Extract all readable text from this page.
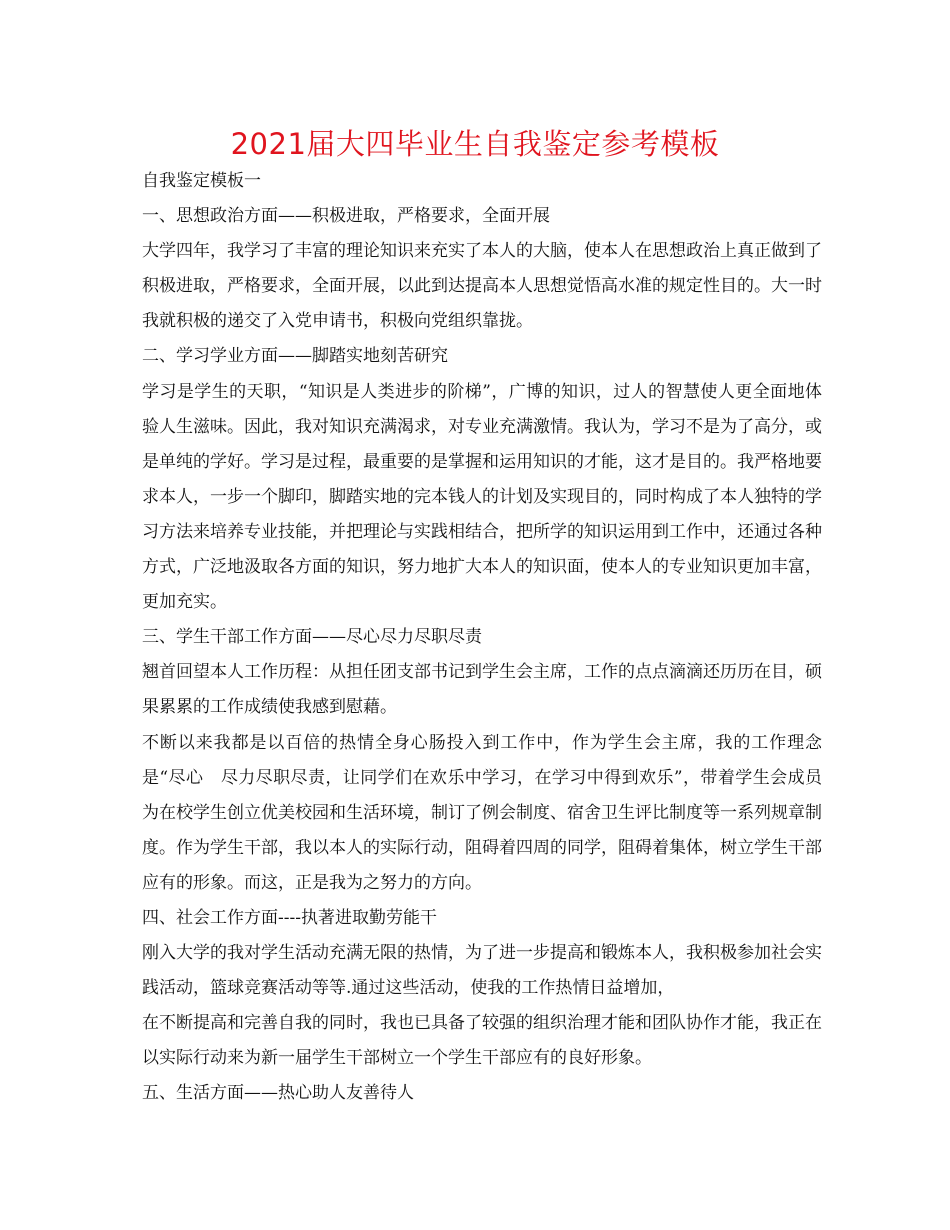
2021届大四毕业生自我鉴定参考模板

自我鉴定模板一

一、思想政治方面——积极进取，严格要求，全面开展

大学四年，我学习了丰富的理论知识来充实了本人的大脑，使本人在思想政治上真正做到了积极进取，严格要求，全面开展，以此到达提高本人思想觉悟高水准的规定性目的。大一时我就积极的递交了入党申请书，积极向党组织靠拢。

二、学习学业方面——脚踏实地刻苦研究

学习是学生的天职，“知识是人类进步的阶梯”，广博的知识，过人的智慧使人更全面地体验人生滋味。因此，我对知识充满渴求，对专业充满激情。我认为，学习不是为了高分，或是单纯的学好。学习是过程，最重要的是掌握和运用知识的才能，这才是目的。我严格地要求本人，一步一个脚印，脚踏实地的完本钱人的计划及实现目的，同时构成了本人独特的学习方法来培养专业技能，并把理论与实践相结合，把所学的知识运用到工作中，还通过各种方式，广泛地汲取各方面的知识，努力地扩大本人的知识面，使本人的专业知识更加丰富，更加充实。

三、学生干部工作方面——尽心尽力尽职尽责

翘首回望本人工作历程：从担任团支部书记到学生会主席，工作的点点滴滴还历历在目，硕果累累的工作成绩使我感到慰藉。

不断以来我都是以百倍的热情全身心肠投入到工作中，作为学生会主席，我的工作理念是“尽心　尽力尽职尽责，让同学们在欢乐中学习，在学习中得到欢乐”，带着学生会成员为在校学生创立优美校园和生活环境，制订了例会制度、宿舍卫生评比制度等一系列规章制度。作为学生干部，我以本人的实际行动，阻碍着四周的同学，阻碍着集体，树立学生干部应有的形象。而这，正是我为之努力的方向。

四、社会工作方面----执著进取勤劳能干

刚入大学的我对学生活动充满无限的热情，为了进一步提高和锻炼本人，我积极参加社会实践活动，篮球竞赛活动等等.通过这些活动，使我的工作热情日益增加，

在不断提高和完善自我的同时，我也已具备了较强的组织治理才能和团队协作才能，我正在以实际行动来为新一届学生干部树立一个学生干部应有的良好形象。

五、生活方面——热心助人友善待人
